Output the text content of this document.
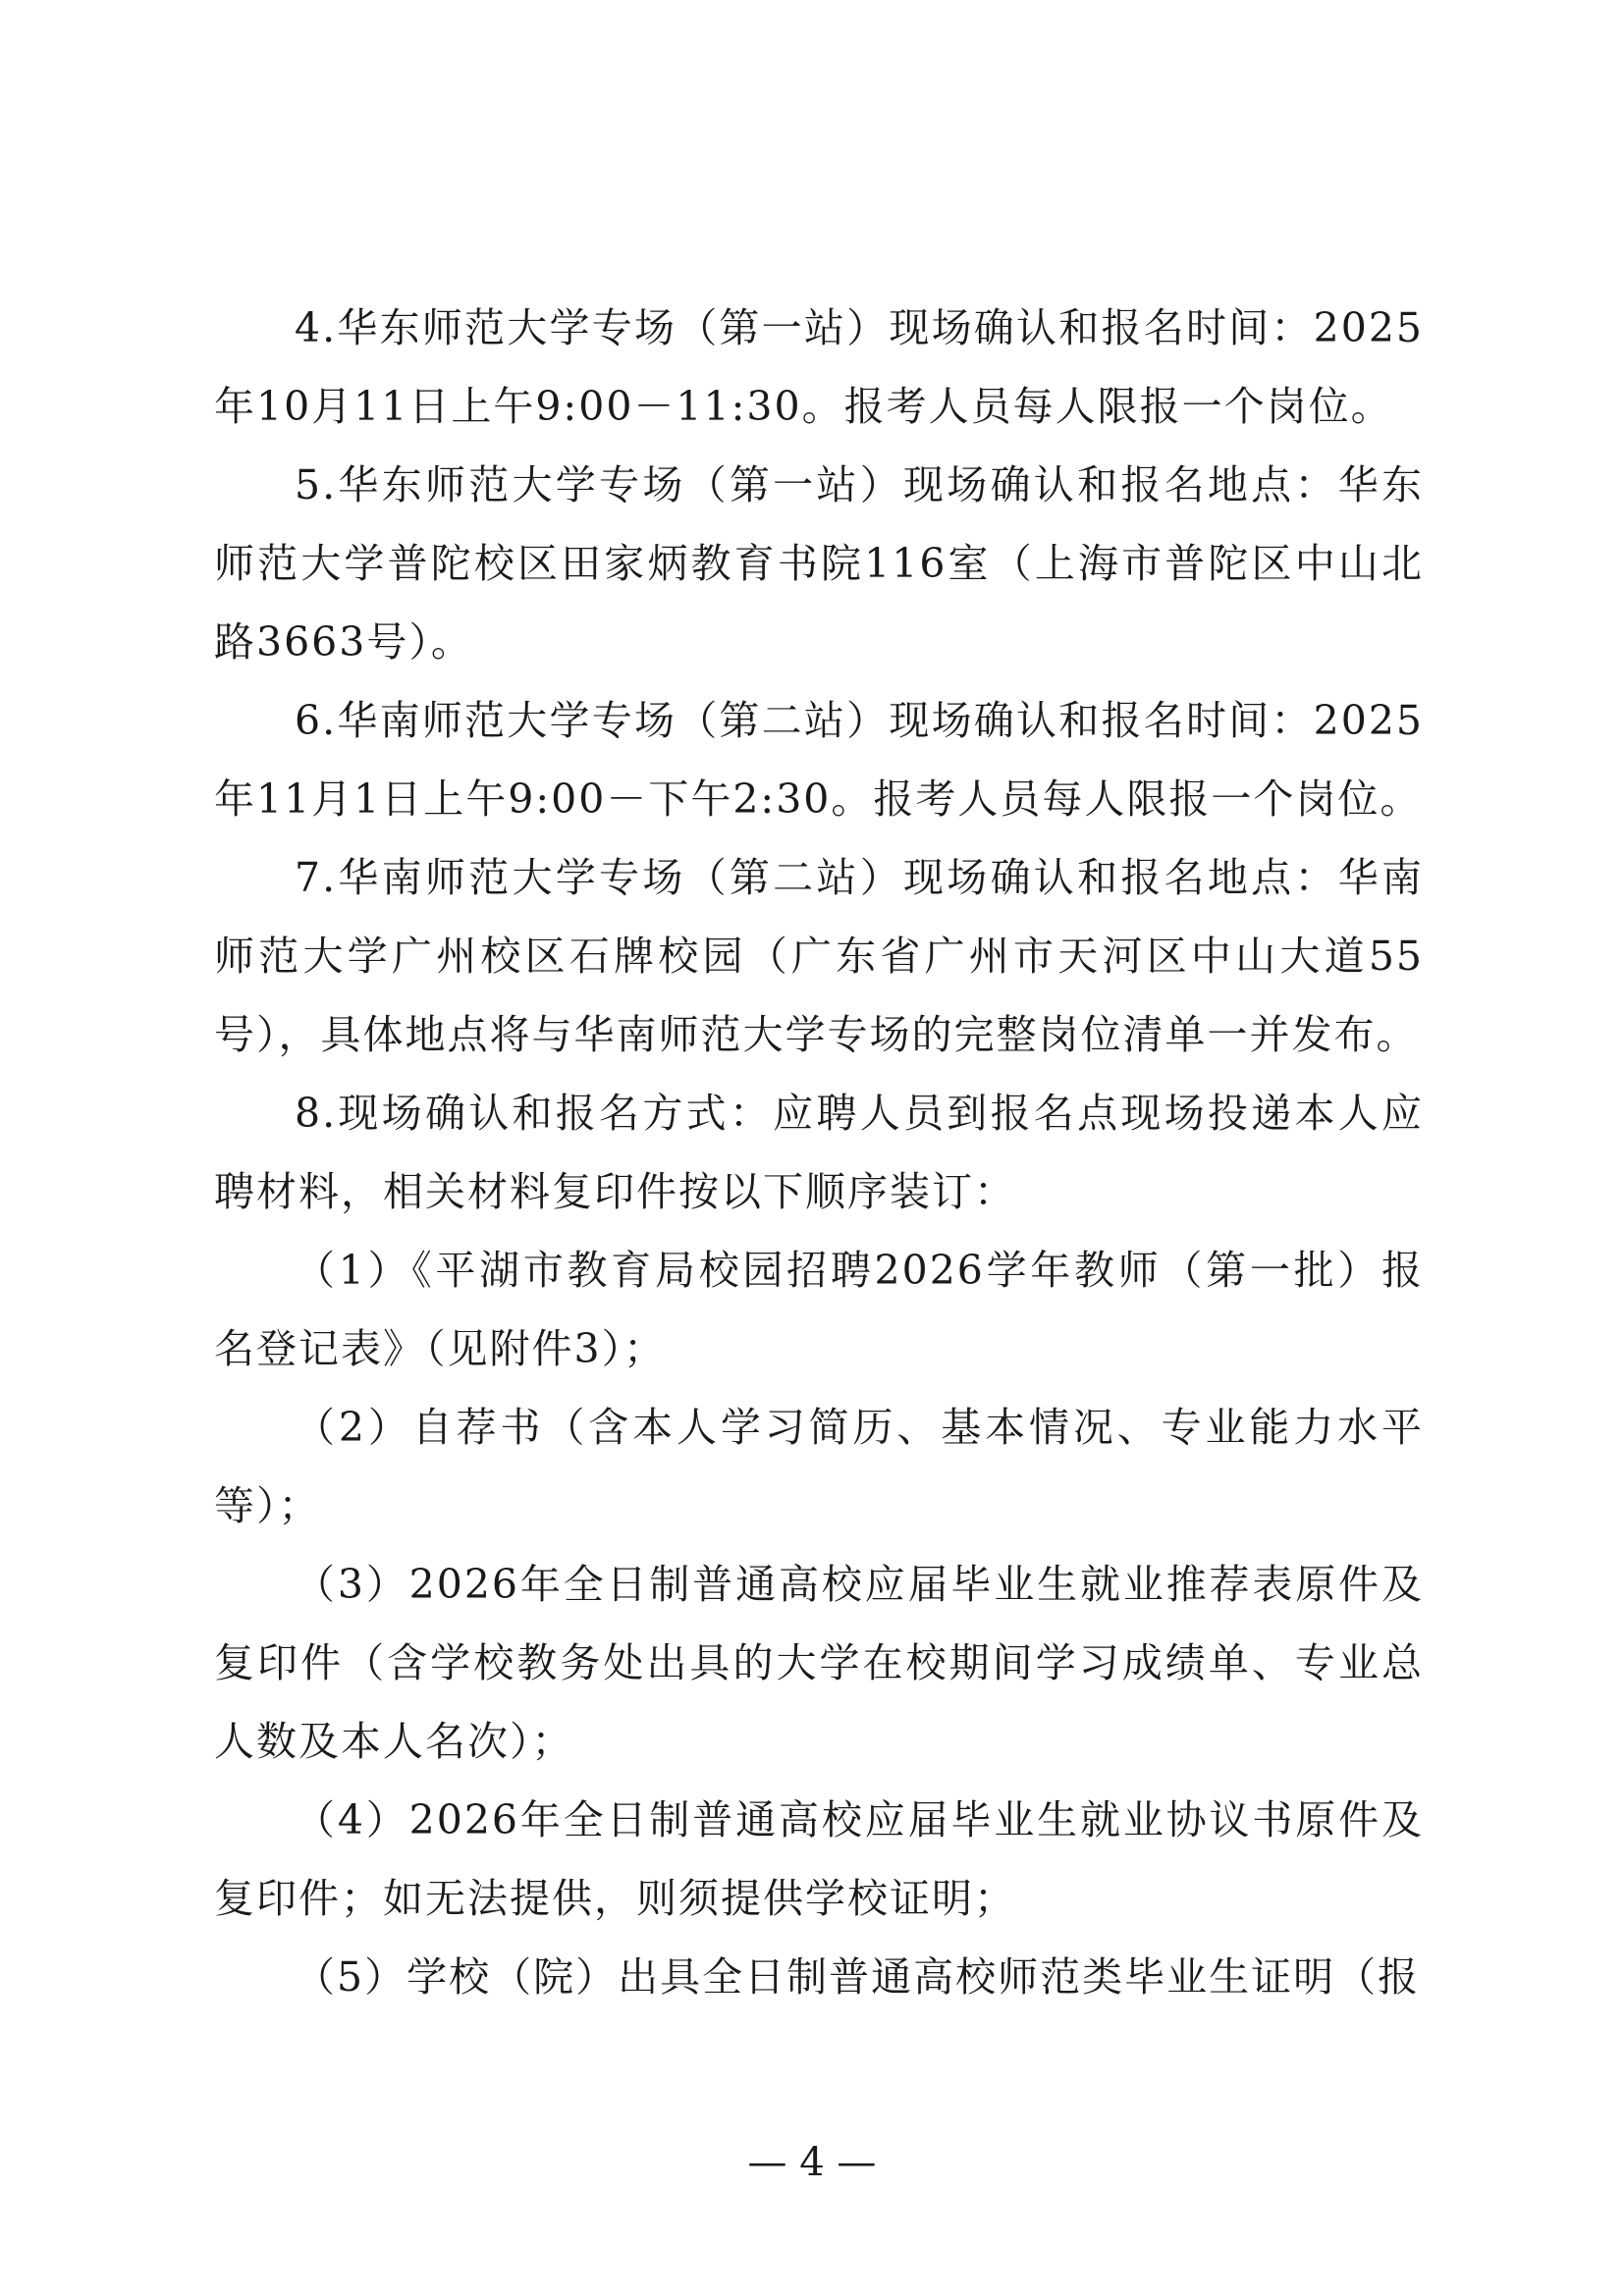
4.华东师范大学专场（第一站）现场确认和报名时间：2025年10月11日上午9:00－11:30。报考人员每人限报一个岗位。

5.华东师范大学专场（第一站）现场确认和报名地点：华东师范大学普陀校区田家炳教育书院116室（上海市普陀区中山北路3663号）。

6.华南师范大学专场（第二站）现场确认和报名时间：2025年11月1日上午9:00－下午2:30。报考人员每人限报一个岗位。

7.华南师范大学专场（第二站）现场确认和报名地点：华南师范大学广州校区石牌校园（广东省广州市天河区中山大道55号），具体地点将与华南师范大学专场的完整岗位清单一并发布。

8.现场确认和报名方式：应聘人员到报名点现场投递本人应聘材料，相关材料复印件按以下顺序装订：

（1）《平湖市教育局校园招聘2026学年教师（第一批）报名登记表》（见附件3）；

（2）自荐书（含本人学习简历、基本情况、专业能力水平等）；

（3）2026年全日制普通高校应届毕业生就业推荐表原件及复印件（含学校教务处出具的大学在校期间学习成绩单、专业总人数及本人名次）；

（4）2026年全日制普通高校应届毕业生就业协议书原件及复印件；如无法提供，则须提供学校证明；

（5）学校（院）出具全日制普通高校师范类毕业生证明（报

— 4 —
